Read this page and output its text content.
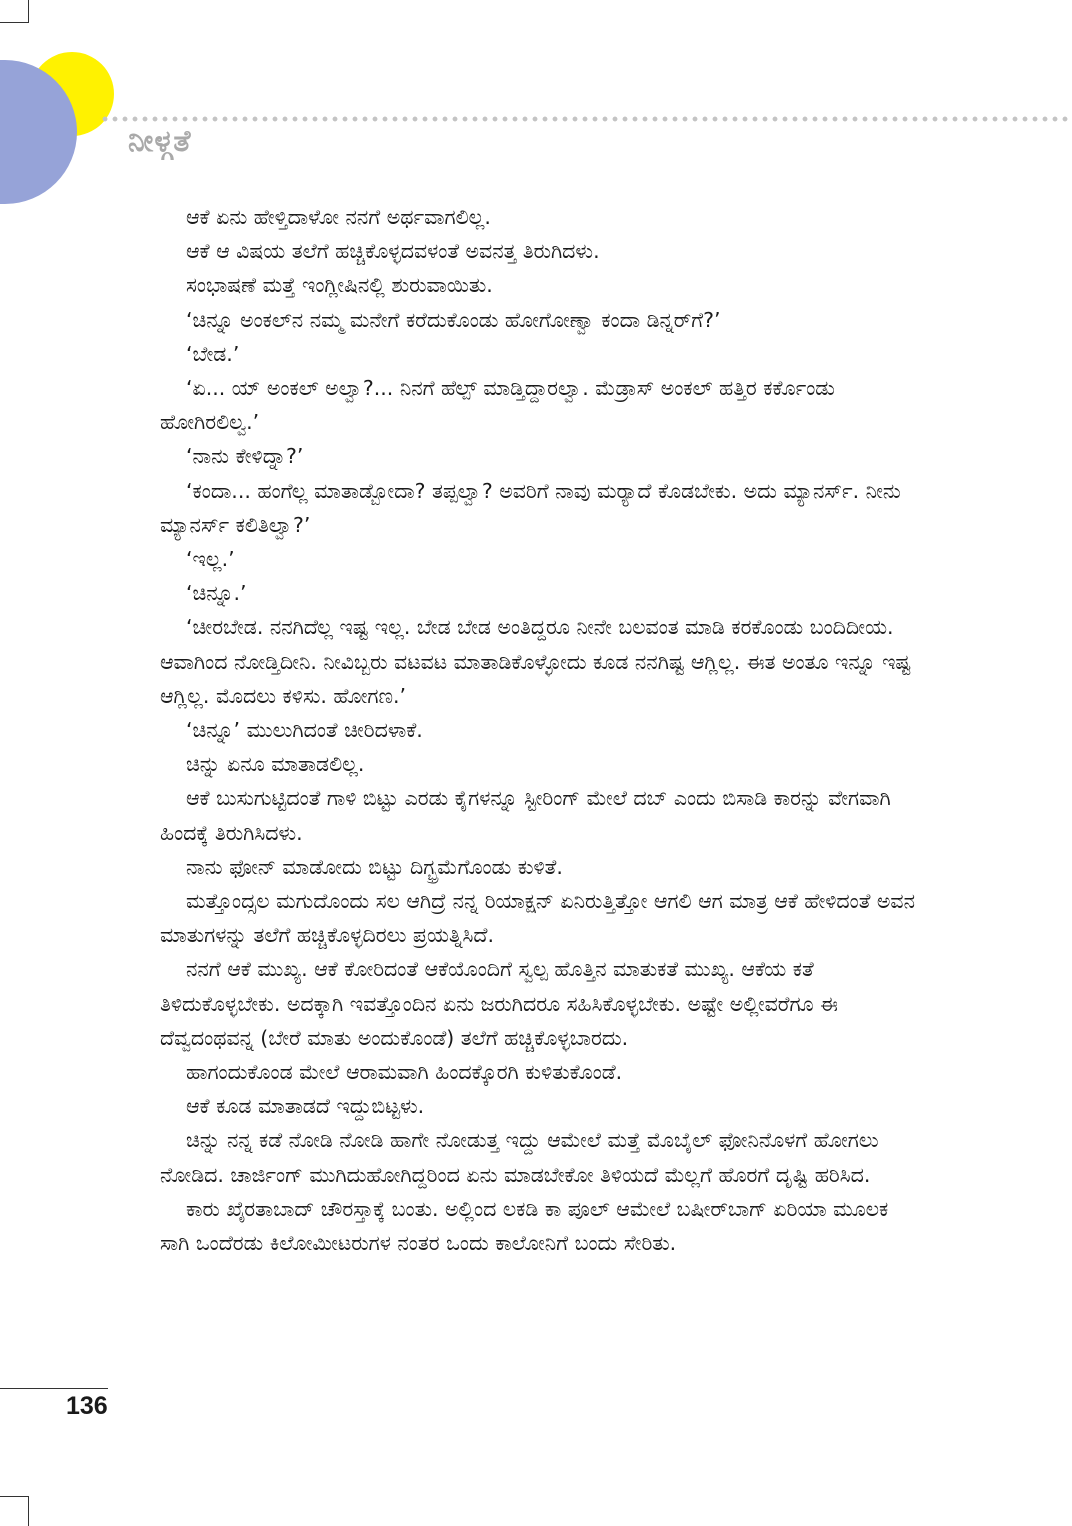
ನೀಳ್ಗತೆ

ಆಕೆ ಏನು ಹೇಳ್ತಿದಾಳೋ ನನಗೆ ಅರ್ಥವಾಗಲಿಲ್ಲ.

ಆಕೆ ಆ ವಿಷಯ ತಲೆಗೆ ಹಚ್ಚಿಕೊಳ್ಳದವಳಂತೆ ಅವನತ್ತ ತಿರುಗಿದಳು.

ಸಂಭಾಷಣೆ ಮತ್ತೆ ಇಂಗ್ಲೀಷಿನಲ್ಲಿ ಶುರುವಾಯಿತು.

‘ಚಿನ್ನೂ ಅಂಕಲ್‌ನ ನಮ್ಮ ಮನೇಗೆ ಕರೆದುಕೊಂಡು ಹೋಗೋಣ್ವಾ ಕಂದಾ ಡಿನ್ನರ್‌ಗೆ?’

‘ಬೇಡ.’

‘ಏ... ಯ್ ಅಂಕಲ್ ಅಲ್ವಾ?... ನಿನಗೆ ಹೆಲ್ಪ್ ಮಾಡ್ತಿದ್ದಾರಲ್ವಾ. ಮೆಡ್ರಾಸ್ ಅಂಕಲ್ ಹತ್ತಿರ ಕರ್ಕೊಂಡು ಹೋಗಿರಲಿಲ್ವ.’

‘ನಾನು ಕೇಳಿದ್ನಾ?’

‘ಕಂದಾ... ಹಂಗೆಲ್ಲ ಮಾತಾಡ್ಬೋದಾ? ತಪ್ಪಲ್ವಾ? ಅವರಿಗೆ ನಾವು ಮರ್‍ಯಾದೆ ಕೊಡಬೇಕು. ಅದು ಮ್ಯಾನರ್ಸ್. ನೀನು ಮ್ಯಾನರ್ಸ್ ಕಲಿತಿಲ್ವಾ?’

‘ಇಲ್ಲ.’

‘ಚಿನ್ನೂ.’

‘ಚೀರಬೇಡ. ನನಗಿದೆಲ್ಲ ಇಷ್ಟ ಇಲ್ಲ. ಬೇಡ ಬೇಡ ಅಂತಿದ್ದರೂ ನೀನೇ ಬಲವಂತ ಮಾಡಿ ಕರಕೊಂಡು ಬಂದಿದೀಯ. ಆವಾಗಿಂದ ನೋಡ್ತಿದೀನಿ. ನೀವಿಬ್ಬರು ವಟವಟ ಮಾತಾಡಿಕೊಳ್ಳೋದು ಕೂಡ ನನಗಿಷ್ಟ ಆಗ್ಲಿಲ್ಲ. ಈತ ಅಂತೂ ಇನ್ನೂ ಇಷ್ಟ ಆಗ್ಲಿಲ್ಲ. ಮೊದಲು ಕಳಿಸು. ಹೋಗಣ.’

‘ಚಿನ್ನೂ’ ಮುಲುಗಿದಂತೆ ಚೀರಿದಳಾಕೆ.

ಚಿನ್ನು ಏನೂ ಮಾತಾಡಲಿಲ್ಲ.

ಆಕೆ ಬುಸುಗುಟ್ಟಿದಂತೆ ಗಾಳಿ ಬಿಟ್ಟು ಎರಡು ಕೈಗಳನ್ನೂ ಸ್ಟೀರಿಂಗ್ ಮೇಲೆ ದಬ್ ಎಂದು ಬಿಸಾಡಿ ಕಾರನ್ನು ವೇಗವಾಗಿ ಹಿಂದಕ್ಕೆ ತಿರುಗಿಸಿದಳು.

ನಾನು ಫೋನ್ ಮಾಡೋದು ಬಿಟ್ಟು ದಿಗ್ಭ್ರಮೆಗೊಂಡು ಕುಳಿತೆ.

ಮತ್ತೊಂದ್ಸಲ ಮಗುದೊಂದು ಸಲ ಆಗಿದ್ರೆ ನನ್ನ ರಿಯಾಕ್ಷನ್ ಏನಿರುತ್ತಿತ್ತೋ ಆಗಲಿ ಆಗ ಮಾತ್ರ ಆಕೆ ಹೇಳಿದಂತೆ ಅವನ ಮಾತುಗಳನ್ನು ತಲೆಗೆ ಹಚ್ಚಿಕೊಳ್ಳದಿರಲು ಪ್ರಯತ್ನಿಸಿದೆ.

ನನಗೆ ಆಕೆ ಮುಖ್ಯ. ಆಕೆ ಕೋರಿದಂತೆ ಆಕೆಯೊಂದಿಗೆ ಸ್ವಲ್ಪ ಹೊತ್ತಿನ ಮಾತುಕತೆ ಮುಖ್ಯ. ಆಕೆಯ ಕತೆ ತಿಳಿದುಕೊಳ್ಳಬೇಕು. ಅದಕ್ಕಾಗಿ ಇವತ್ತೊಂದಿನ ಏನು ಜರುಗಿದರೂ ಸಹಿಸಿಕೊಳ್ಳಬೇಕು. ಅಷ್ಟೇ ಅಲ್ಲೀವರೆಗೂ ಈ ದೆವ್ವದಂಥವನ್ನ (ಬೇರೆ ಮಾತು ಅಂದುಕೊಂಡೆ) ತಲೆಗೆ ಹಚ್ಚಿಕೊಳ್ಳಬಾರದು.

ಹಾಗಂದುಕೊಂಡ ಮೇಲೆ ಆರಾಮವಾಗಿ ಹಿಂದಕ್ಕೊರಗಿ ಕುಳಿತುಕೊಂಡೆ.

ಆಕೆ ಕೂಡ ಮಾತಾಡದೆ ಇದ್ದುಬಿಟ್ಟಳು.

ಚಿನ್ನು ನನ್ನ ಕಡೆ ನೋಡಿ ನೋಡಿ ಹಾಗೇ ನೋಡುತ್ತ ಇದ್ದು ಆಮೇಲೆ ಮತ್ತೆ ಮೊಬೈಲ್ ಫೋನಿನೊಳಗೆ ಹೋಗಲು ನೋಡಿದ. ಚಾರ್ಜಿಂಗ್ ಮುಗಿದುಹೋಗಿದ್ದರಿಂದ ಏನು ಮಾಡಬೇಕೋ ತಿಳಿಯದೆ ಮೆಲ್ಲಗೆ ಹೊರಗೆ ದೃಷ್ಟಿ ಹರಿಸಿದ.

ಕಾರು ಖೈರತಾಬಾದ್ ಚೌರಸ್ತಾಕ್ಕೆ ಬಂತು. ಅಲ್ಲಿಂದ ಲಕಡಿ ಕಾ ಪೂಲ್ ಆಮೇಲೆ ಬಷೀರ್‌ಬಾಗ್ ಏರಿಯಾ ಮೂಲಕ ಸಾಗಿ ಒಂದೆರಡು ಕಿಲೋಮೀಟರುಗಳ ನಂತರ ಒಂದು ಕಾಲೋನಿಗೆ ಬಂದು ಸೇರಿತು.

136
